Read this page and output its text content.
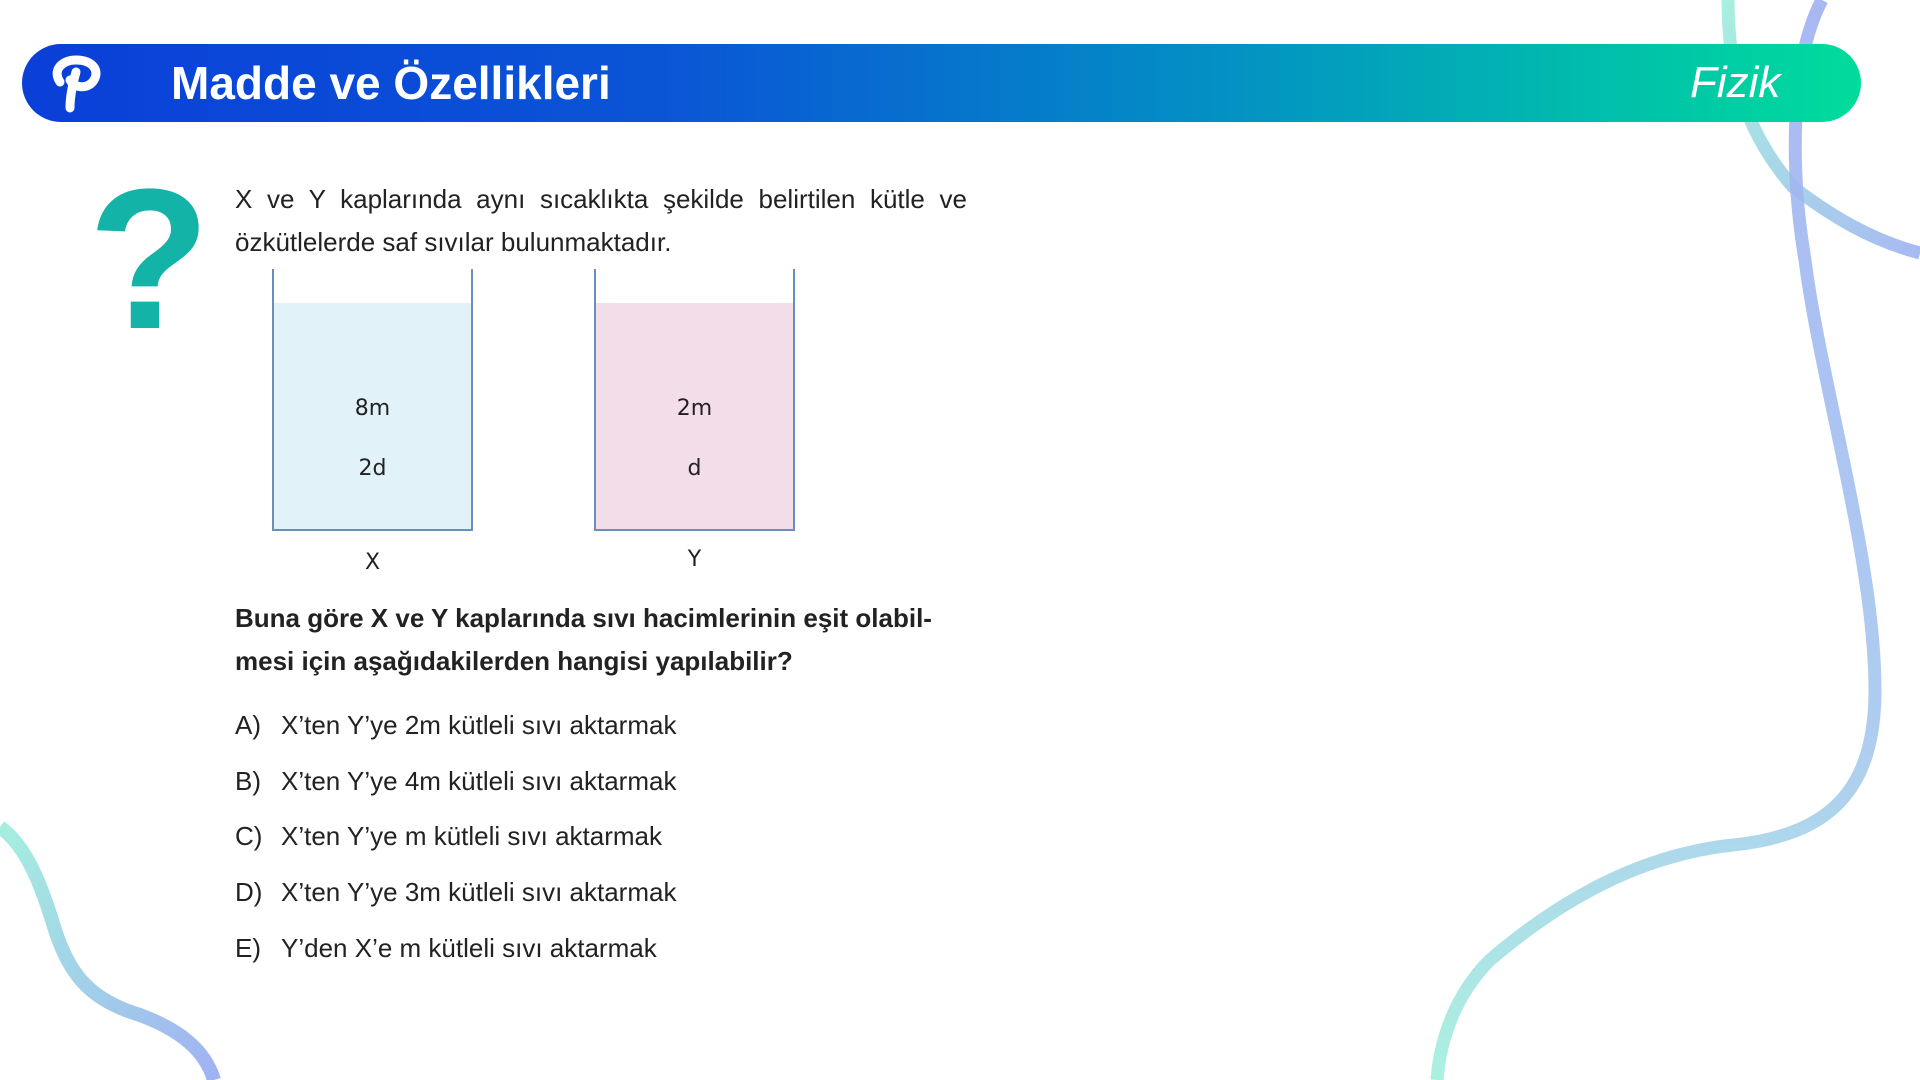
Madde ve Özellikleri	Fizik
? X ve Y kaplarında aynı sıcaklıkta şekilde belirtilen kütle ve özkütlelerde saf sıvılar bulunmaktadır.
8m
2d
X
2m
d
Y
Buna göre X ve Y kaplarında sıvı hacimlerinin eşit olabil-mesi için aşağıdakilerden hangisi yapılabilir?
A) X’ten Y’ye 2m kütleli sıvı aktarmak
B) X’ten Y’ye 4m kütleli sıvı aktarmak
C) X’ten Y’ye m kütleli sıvı aktarmak
D) X’ten Y’ye 3m kütleli sıvı aktarmak
E) Y’den X’e m kütleli sıvı aktarmak
